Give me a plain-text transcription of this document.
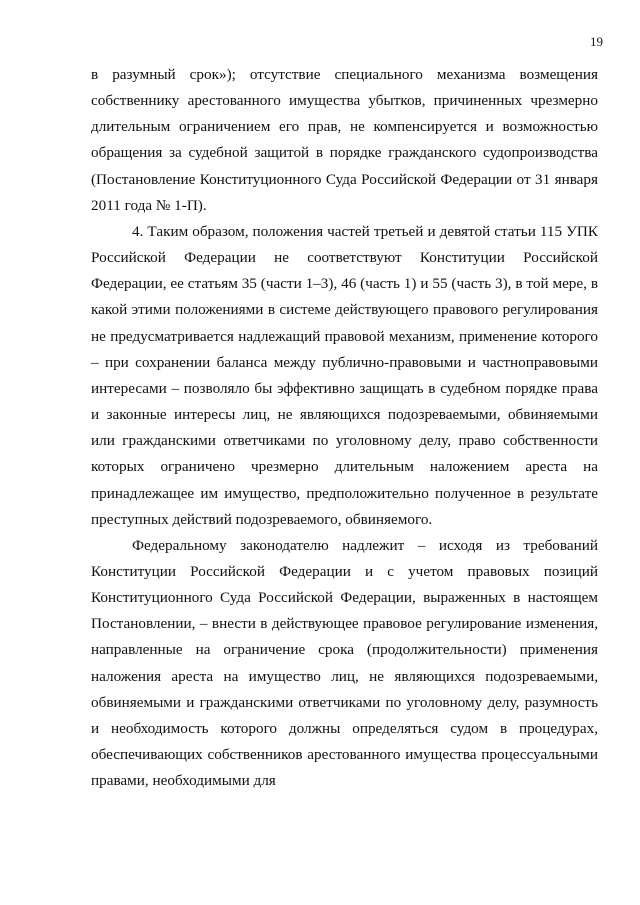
19

в разумный срок»); отсутствие специального механизма возмещения собственнику арестованного имущества убытков, причиненных чрезмерно длительным ограничением его прав, не компенсируется и возможностью обращения за судебной защитой в порядке гражданского судопроизводства (Постановление Конституционного Суда Российской Федерации от 31 января 2011 года № 1-П).

4. Таким образом, положения частей третьей и девятой статьи 115 УПК Российской Федерации не соответствуют Конституции Российской Федерации, ее статьям 35 (части 1–3), 46 (часть 1) и 55 (часть 3), в той мере, в какой этими положениями в системе действующего правового регулирования не предусматривается надлежащий правовой механизм, применение которого – при сохранении баланса между публично-правовыми и частноправовыми интересами – позволяло бы эффективно защищать в судебном порядке права и законные интересы лиц, не являющихся подозреваемыми, обвиняемыми или гражданскими ответчиками по уголовному делу, право собственности которых ограничено чрезмерно длительным наложением ареста на принадлежащее им имущество, предположительно полученное в результате преступных действий подозреваемого, обвиняемого.

Федеральному законодателю надлежит – исходя из требований Конституции Российской Федерации и с учетом правовых позиций Конституционного Суда Российской Федерации, выраженных в настоящем Постановлении, – внести в действующее правовое регулирование изменения, направленные на ограничение срока (продолжительности) применения наложения ареста на имущество лиц, не являющихся подозреваемыми, обвиняемыми и гражданскими ответчиками по уголовному делу, разумность и необходимость которого должны определяться судом в процедурах, обеспечивающих собственников арестованного имущества процессуальными правами, необходимыми для
